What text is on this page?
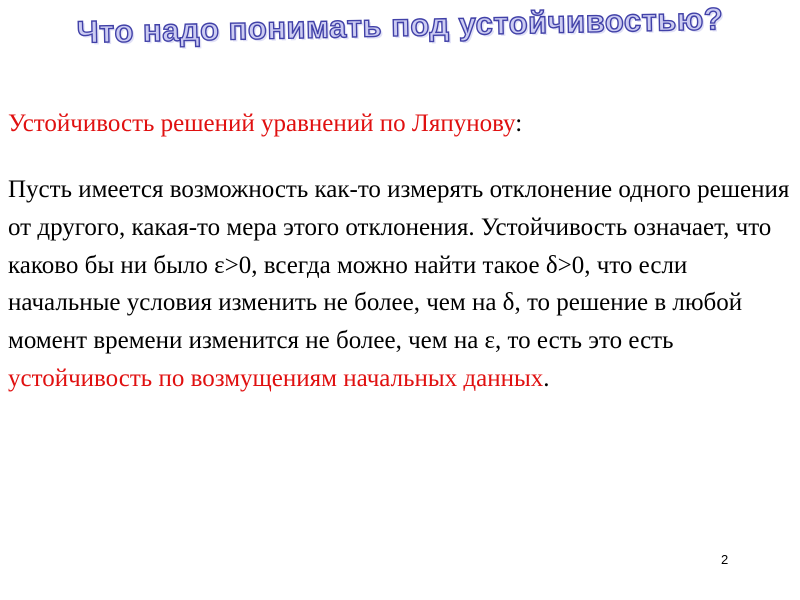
Что надо понимать под устойчивостью?
Устойчивость решений уравнений по Ляпунову:
Пусть имеется возможность как-то измерять отклонение одного решения от другого, какая-то мера этого отклонения. Устойчивость означает, что каково бы ни было ε>0, всегда можно найти такое δ>0, что если начальные условия изменить не более, чем на δ, то решение в любой момент времени изменится не более, чем на ε, то есть это есть устойчивость по возмущениям начальных данных.
2
